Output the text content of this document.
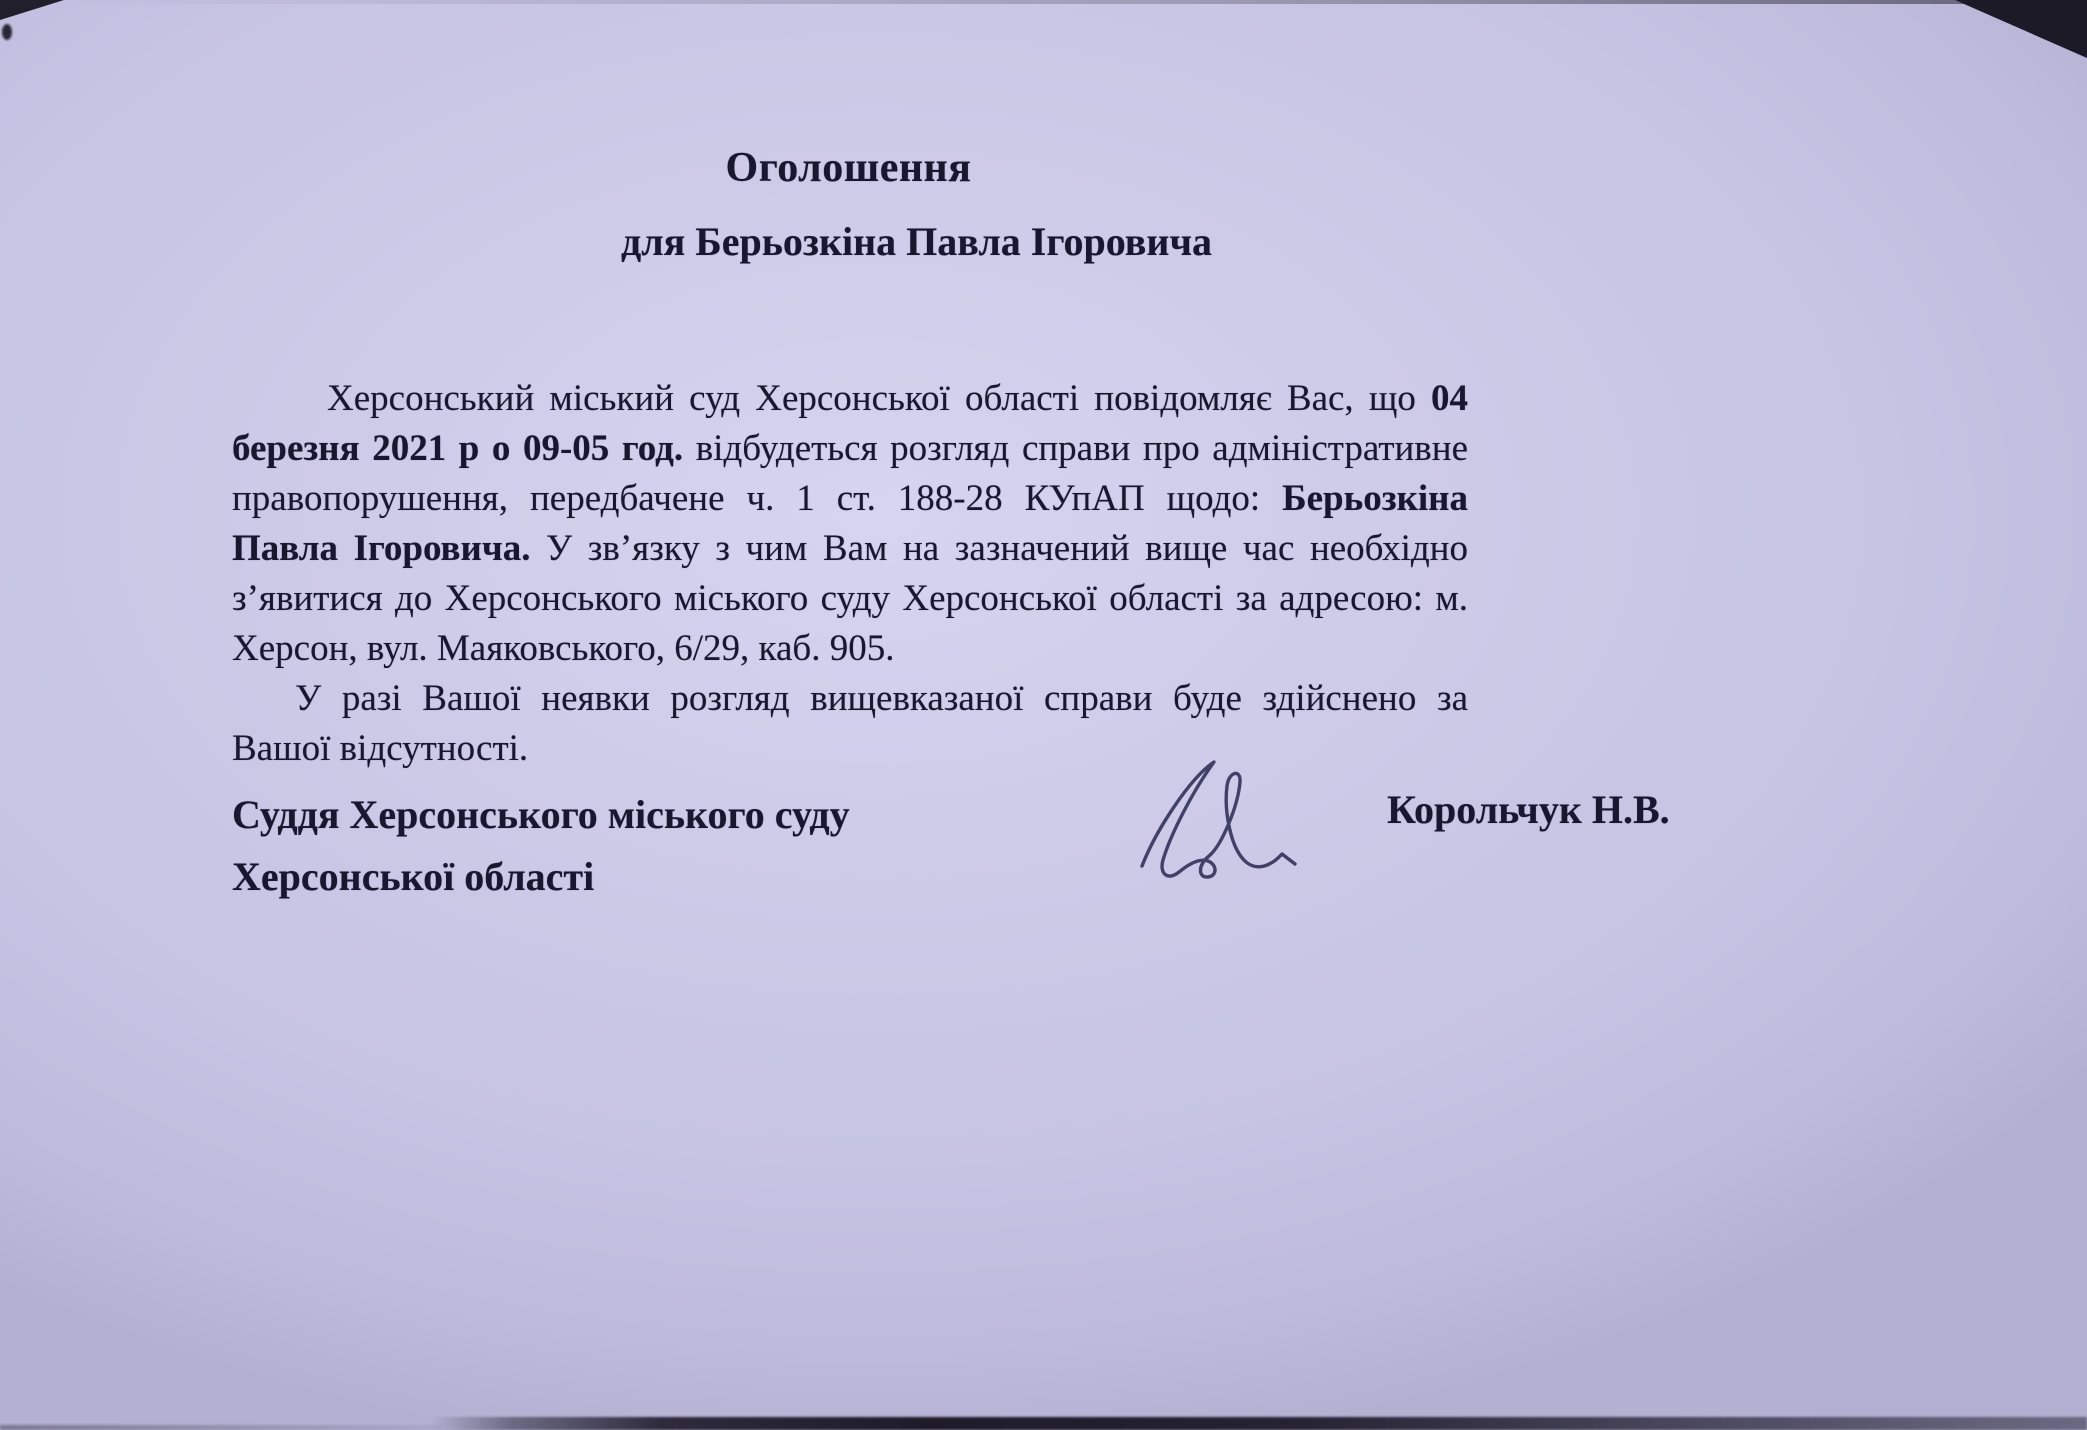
Оголошення
для Берьозкіна Павла Ігоровича

Херсонський міський суд Херсонської області повідомляє Вас, що 04 березня 2021 р о 09-05 год. відбудеться розгляд справи про адміністративне правопорушення, передбачене ч. 1 ст. 188-28 КУпАП щодо: Берьозкіна Павла Ігоровича. У зв’язку з чим Вам на зазначений вище час необхідно з’явитися до Херсонського міського суду Херсонської області за адресою: м. Херсон, вул. Маяковського, 6/29, каб. 905.

У разі Вашої неявки розгляд вищевказаної справи буде здійснено за Вашої відсутності.

Суддя Херсонського міського суду
Херсонської області
Корольчук Н.В.
